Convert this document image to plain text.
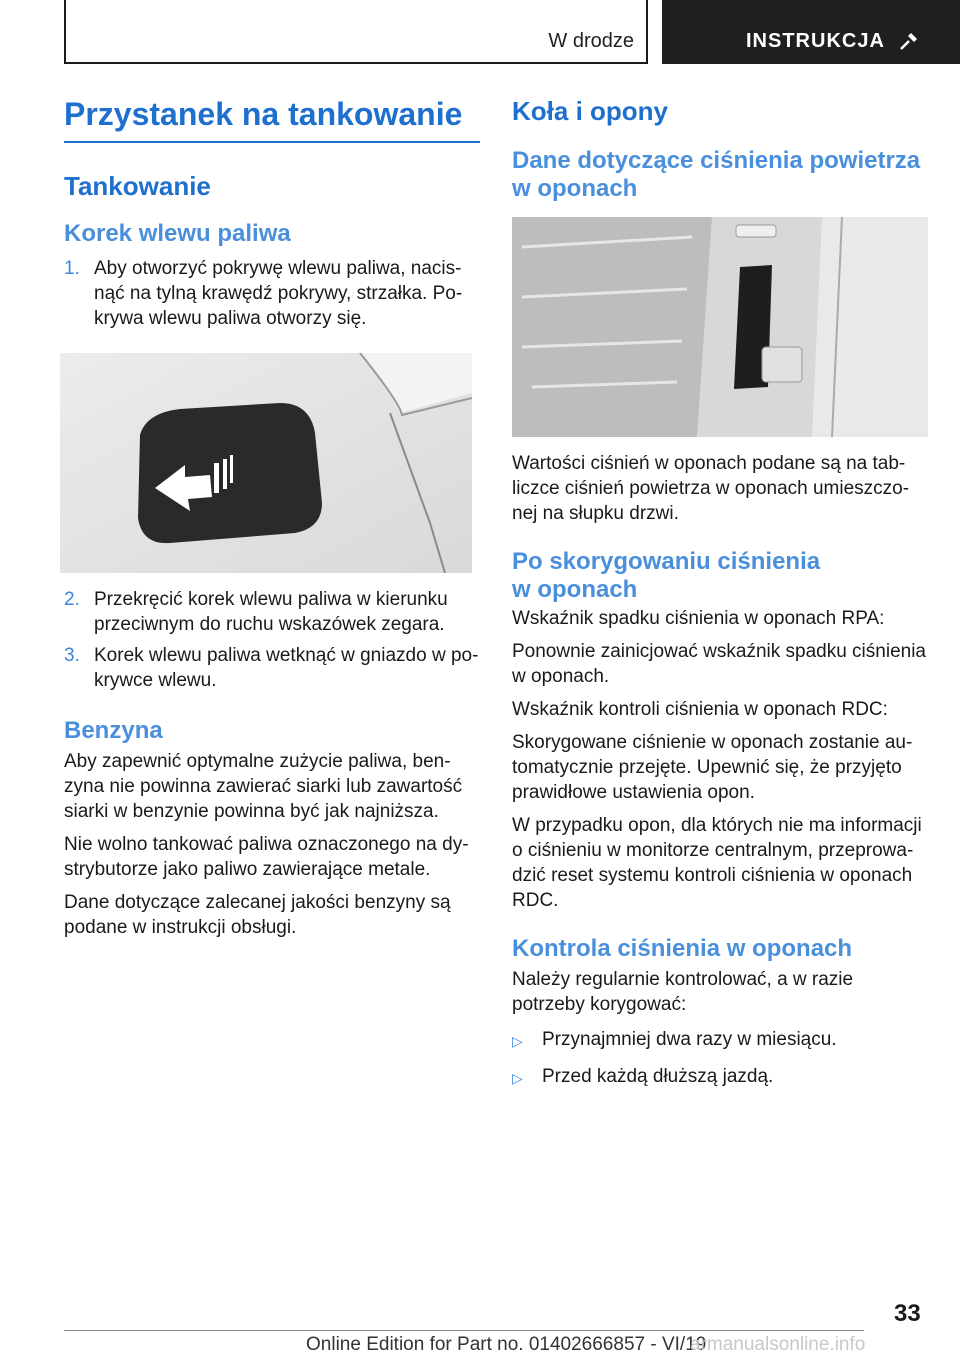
W drodze	INSTRUKCJA
Przystanek na tankowanie
Tankowanie
Korek wlewu paliwa
1. Aby otworzyć pokrywę wlewu paliwa, nacis‐nąć na tylną krawędź pokrywy, strzałka. Po‐krywa wlewu paliwa otworzy się.
2. Przekręcić korek wlewu paliwa w kierunku przeciwnym do ruchu wskazówek zegara.
3. Korek wlewu paliwa wetknąć w gniazdo w po‐krywce wlewu.
Benzyna

Aby zapewnić optymalne zużycie paliwa, ben‐zyna nie powinna zawierać siarki lub zawartość siarki w benzynie powinna być jak najniższa.

Nie wolno tankować paliwa oznaczonego na dy‐strybutorze jako paliwo zawierające metale.

Dane dotyczące zalecanej jakości benzyny są podane w instrukcji obsługi.

Koła i opony
Dane dotyczące ciśnienia powietrza w oponach

Wartości ciśnień w oponach podane są na tab‐liczce ciśnień powietrza w oponach umieszczo‐nej na słupku drzwi.

Po skorygowaniu ciśnienia w oponach

Wskaźnik spadku ciśnienia w oponach RPA:

Ponownie zainicjować wskaźnik spadku ciśnienia w oponach.

Wskaźnik kontroli ciśnienia w oponach RDC:

Skorygowane ciśnienie w oponach zostanie au‐tomatycznie przejęte. Upewnić się, że przyjęto prawidłowe ustawienia opon.

W przypadku opon, dla których nie ma informacji o ciśnieniu w monitorze centralnym, przeprowa‐dzić reset systemu kontroli ciśnienia w oponach RDC.

Kontrola ciśnienia w oponach

Należy regularnie kontrolować, a w razie potrzeby korygować:

▷	Przynajmniej dwa razy w miesiącu.
▷	Przed każdą dłuższą jazdą.
33
Online Edition for Part no. 01402666857 - VI/19
armanualsonline.info
